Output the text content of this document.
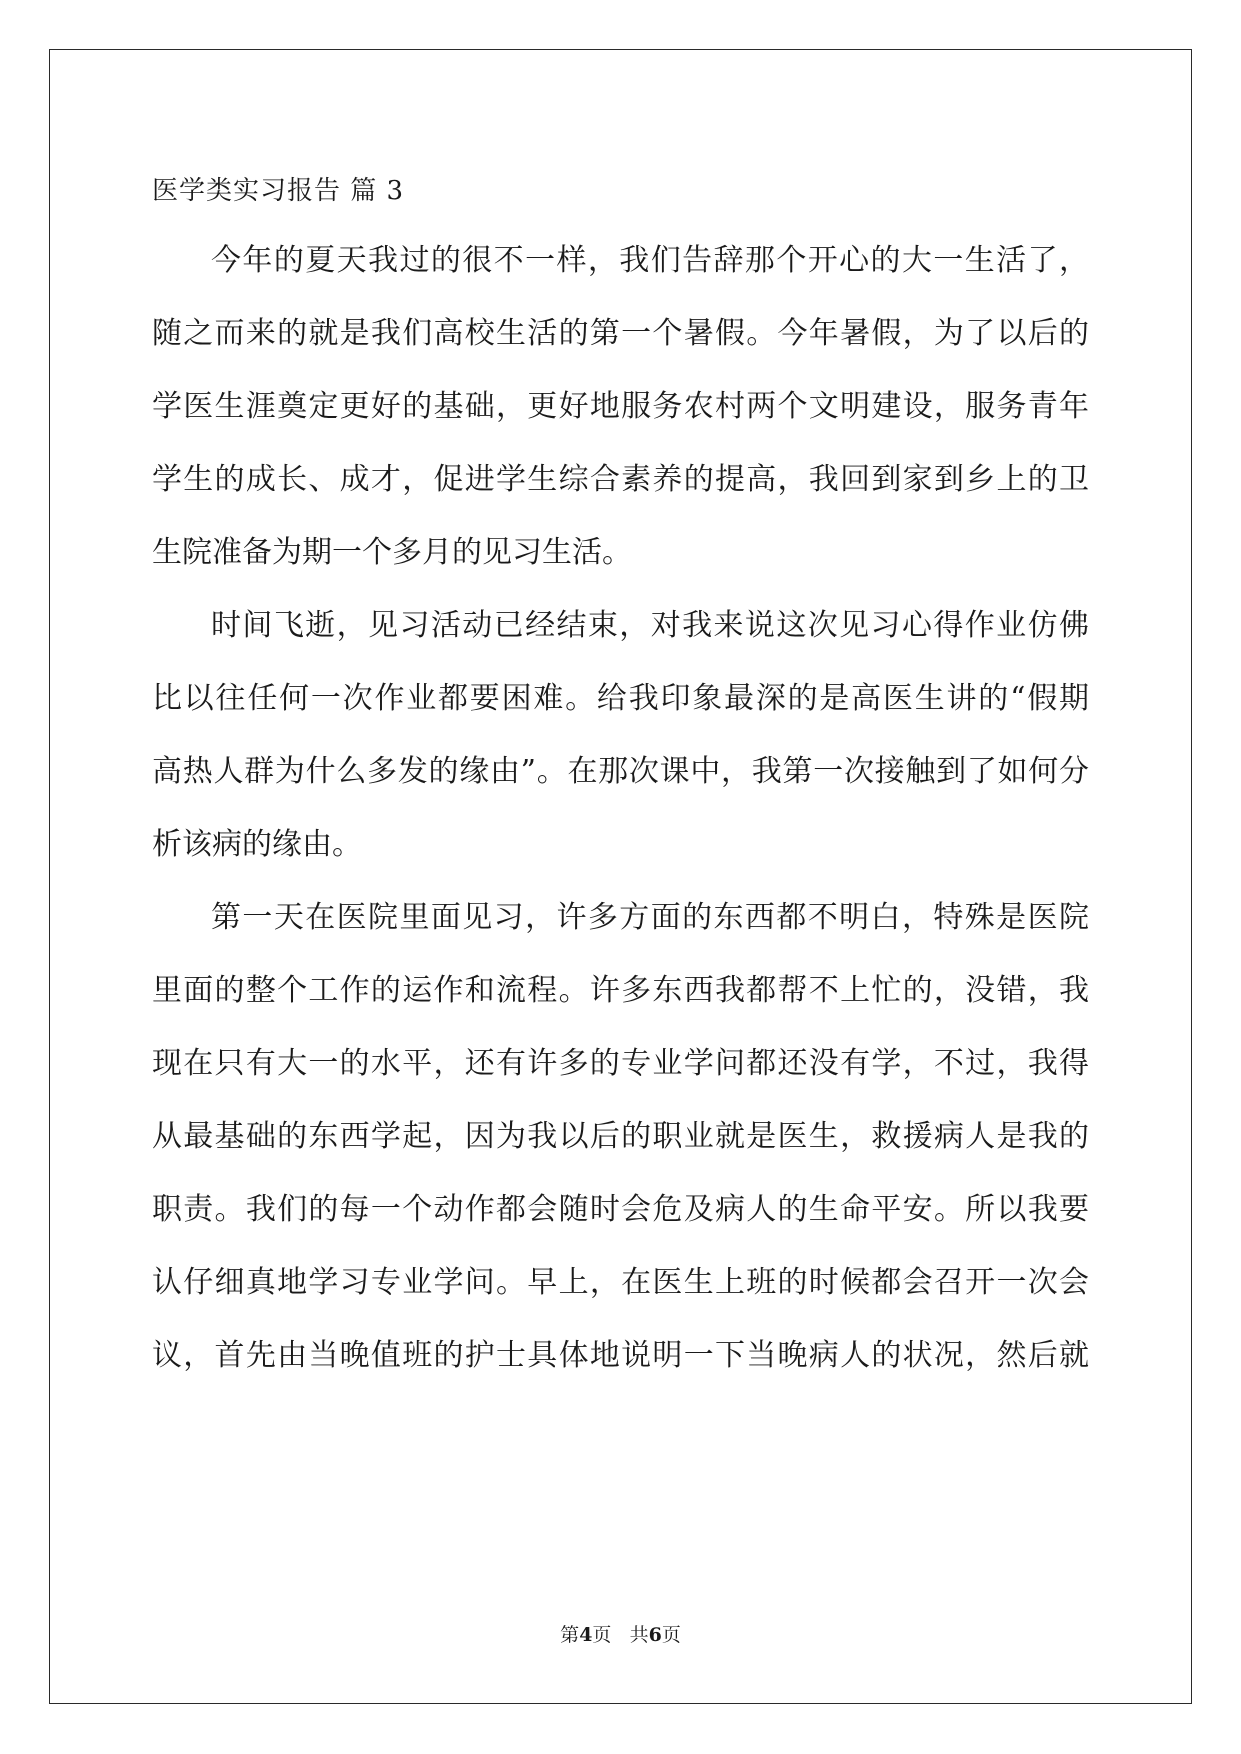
医学类实习报告 篇 3

今年的夏天我过的很不一样，我们告辞那个开心的大一生活了，

随之而来的就是我们高校生活的第一个暑假。今年暑假，为了以后的

学医生涯奠定更好的基础，更好地服务农村两个文明建设，服务青年

学生的成长、成才，促进学生综合素养的提高，我回到家到乡上的卫

生院准备为期一个多月的见习生活。

时间飞逝，见习活动已经结束，对我来说这次见习心得作业仿佛

比以往任何一次作业都要困难。给我印象最深的是高医生讲的“假期

高热人群为什么多发的缘由”。在那次课中，我第一次接触到了如何分

析该病的缘由。

第一天在医院里面见习，许多方面的东西都不明白，特殊是医院

里面的整个工作的运作和流程。许多东西我都帮不上忙的，没错，我

现在只有大一的水平，还有许多的专业学问都还没有学，不过，我得

从最基础的东西学起，因为我以后的职业就是医生，救援病人是我的

职责。我们的每一个动作都会随时会危及病人的生命平安。所以我要

认仔细真地学习专业学问。早上，在医生上班的时候都会召开一次会

议，首先由当晚值班的护士具体地说明一下当晚病人的状况，然后就

第4页 共6页
